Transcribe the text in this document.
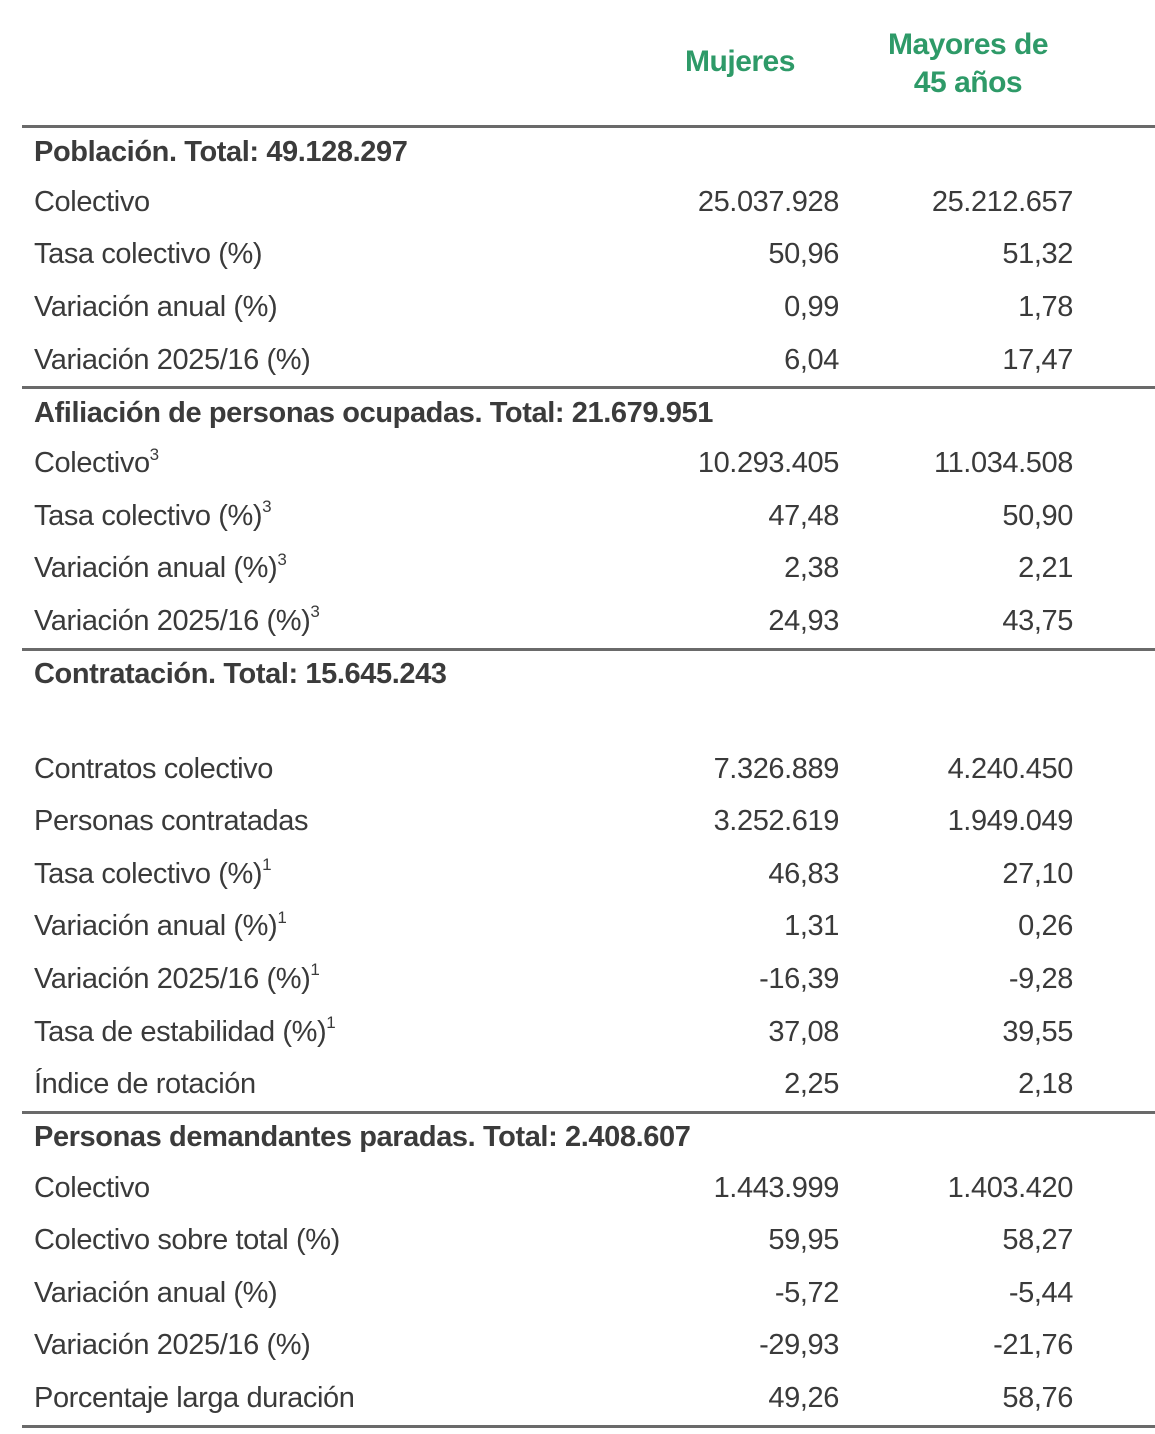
Mujeres
Mayores de
45 años
Población. Total: 49.128.297			
Colectivo	25.037.928	25.212.657	
Tasa colectivo (%)	50,96	51,32	
Variación anual (%)	0,99	1,78	
Variación 2025/16 (%)	6,04	17,47	
Afiliación de personas ocupadas. Total: 21.679.951			
Colectivo$^3$	10.293.405	11.034.508	
Tasa colectivo (%)$^3$	47,48	50,90	
Variación anual (%)$^3$	2,38	2,21	
Variación 2025/16 (%)$^3$	24,93	43,75	
Contratación. Total: 15.645.243			

Contratos colectivo	7.326.889	4.240.450	
Personas contratadas	3.252.619	1.949.049	
Tasa colectivo (%)$^1$	46,83	27,10	
Variación anual (%)$^1$	1,31	0,26	
Variación 2025/16 (%)$^1$	-16,39	-9,28	
Tasa de estabilidad (%)$^1$	37,08	39,55	
Índice de rotación	2,25	2,18	
Personas demandantes paradas. Total: 2.408.607			
Colectivo	1.443.999	1.403.420	
Colectivo sobre total (%)	59,95	58,27	
Variación anual (%)	-5,72	-5,44	
Variación 2025/16 (%)	-29,93	-21,76	
Porcentaje larga duración	49,26	58,76	
